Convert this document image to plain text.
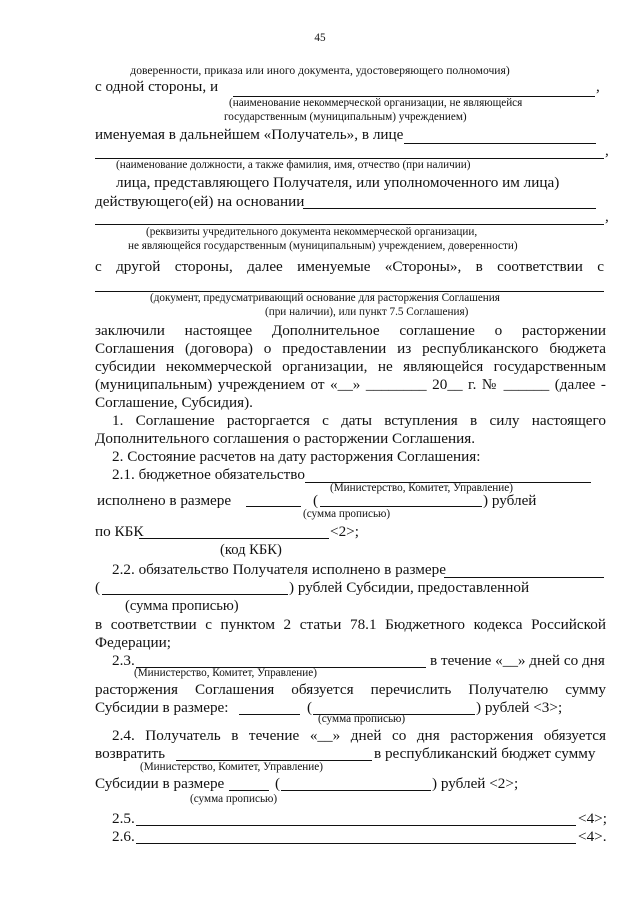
45
доверенности, приказа или иного документа, удостоверяющего полномочия)
с одной стороны, и	,
(наименование некоммерческой организации, не являющейся
государственным (муниципальным) учреждением)
именуемая в дальнейшем «Получатель», в лице
,
(наименование должности, а также фамилия, имя, отчество (при наличии)
лица, представляющего Получателя, или уполномоченного им лица)
действующего(ей) на основании
,
(реквизиты учредительного документа некоммерческой организации,
не являющейся государственным (муниципальным) учреждением, доверенности)
с другой стороны, далее именуемые «Стороны», в соответствии с
(документ, предусматривающий основание для расторжения Соглашения
(при наличии), или пункт 7.5 Соглашения)
заключили настоящее Дополнительное соглашение о расторжении
Соглашения (договора) о предоставлении из республиканского бюджета
субсидии некоммерческой организации, не являющейся государственным
(муниципальным) учреждением от «__» ________ 20__ г. № ______ (далее -
Соглашение, Субсидия).
1. Соглашение расторгается с даты вступления в силу настоящего
Дополнительного соглашения о расторжении Соглашения.
2. Состояние расчетов на дату расторжения Соглашения:
2.1. бюджетное обязательство
(Министерство, Комитет, Управление)
исполнено в размере	(	) рублей
(сумма прописью)
по КБК	<2>;
(код КБК)
2.2. обязательство Получателя исполнено в размере
(	) рублей Субсидии, предоставленной
(сумма прописью)
в соответствии с пунктом 2 статьи 78.1 Бюджетного кодекса Российской
Федерации;
2.3.	в течение «__» дней со дня
(Министерство, Комитет, Управление)
расторжения Соглашения обязуется перечислить Получателю сумму
Субсидии в размере:	(	) рублей <3>;
(сумма прописью)
2.4. Получатель в течение «__» дней со дня расторжения обязуется
возвратить	в республиканский бюджет сумму
(Министерство, Комитет, Управление)
Субсидии в размере	(	) рублей <2>;
(сумма прописью)
2.5.	<4>;
2.6.	<4>.
